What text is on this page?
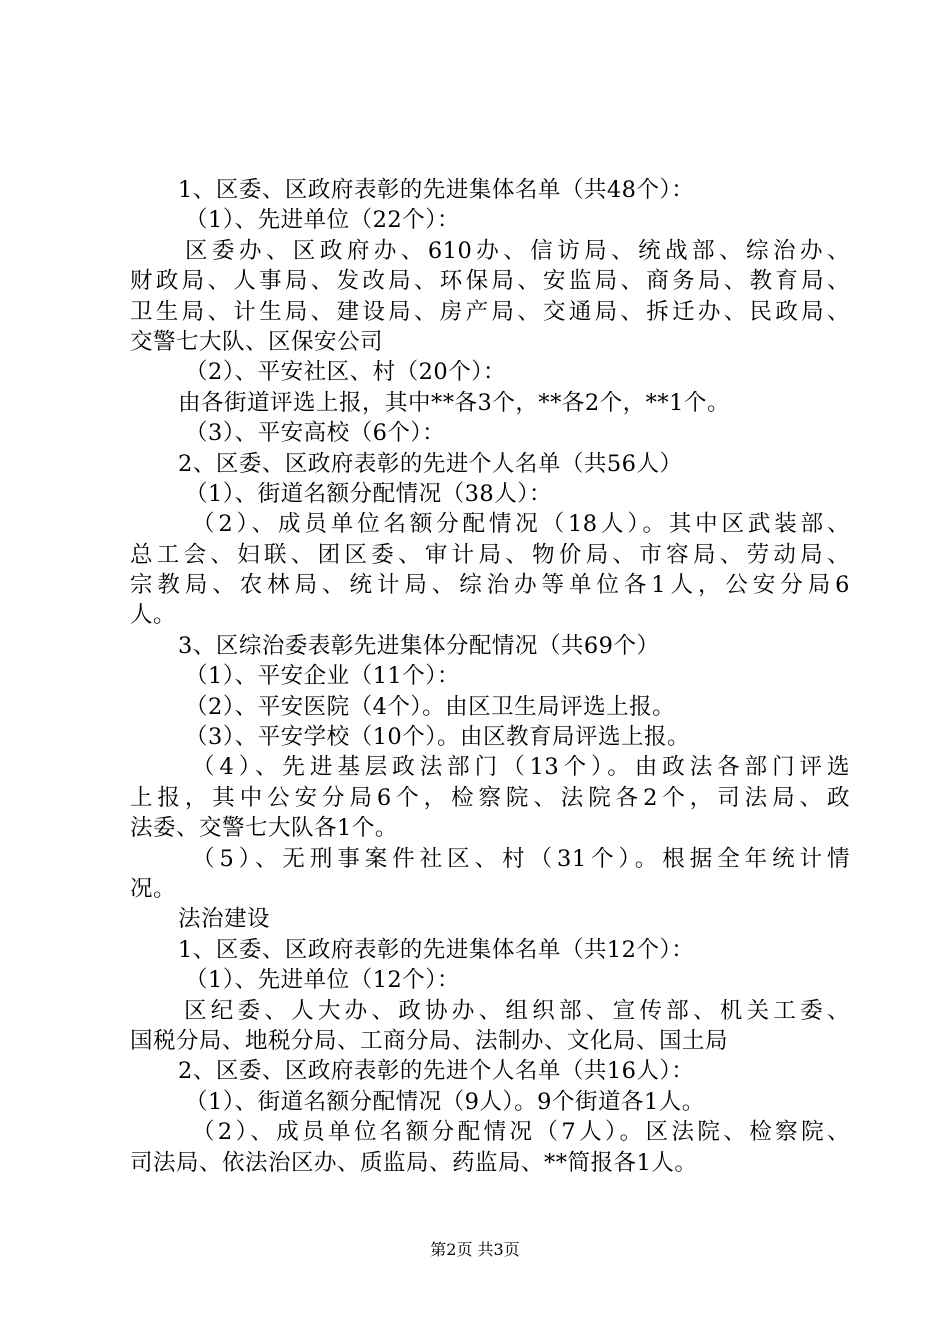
1、区委、区政府表彰的先进集体名单（共48个）：
（1）、先进单位（22个）：
区委办、区政府办、610办、信访局、统战部、综治办、
财政局、人事局、发改局、环保局、安监局、商务局、教育局、
卫生局、计生局、建设局、房产局、交通局、拆迁办、民政局、
交警七大队、区保安公司
（2）、平安社区、村（20个）：
由各街道评选上报，其中**各3个，**各2个，**1个。
（3）、平安高校（6个）：
2、区委、区政府表彰的先进个人名单（共56人）
（1）、街道名额分配情况（38人）：
（2）、成员单位名额分配情况（18人）。其中区武装部、
总工会、妇联、团区委、审计局、物价局、市容局、劳动局、
宗教局、农林局、统计局、综治办等单位各1人，公安分局6
人。
3、区综治委表彰先进集体分配情况（共69个）
（1）、平安企业（11个）：
（2）、平安医院（4个）。由区卫生局评选上报。
（3）、平安学校（10个）。由区教育局评选上报。
（4）、先进基层政法部门（13个）。由政法各部门评选
上报，其中公安分局6个，检察院、法院各2个，司法局、政
法委、交警七大队各1个。
（5）、无刑事案件社区、村（31个）。根据全年统计情
况。
法治建设
1、区委、区政府表彰的先进集体名单（共12个）：
（1）、先进单位（12个）：
区纪委、人大办、政协办、组织部、宣传部、机关工委、
国税分局、地税分局、工商分局、法制办、文化局、国土局
2、区委、区政府表彰的先进个人名单（共16人）：
（1）、街道名额分配情况（9人）。9个街道各1人。
（2）、成员单位名额分配情况（7人）。区法院、检察院、
司法局、依法治区办、质监局、药监局、**简报各1人。
第2页 共3页
